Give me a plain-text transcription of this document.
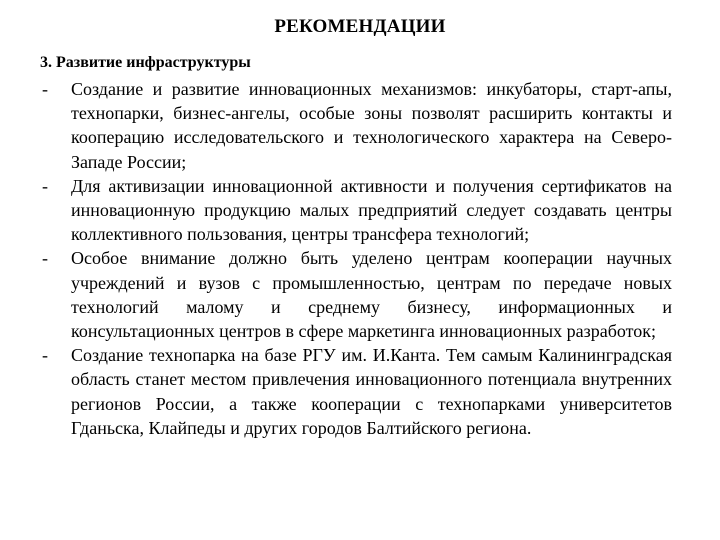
РЕКОМЕНДАЦИИ
3. Развитие инфраструктуры
- Создание и развитие инновационных механизмов: инкубаторы, старт-апы, технопарки, бизнес-ангелы, особые зоны позволят расширить контакты и кооперацию исследовательского и технологического характера на Северо-Западе России;
- Для активизации инновационной активности и получения сертификатов на инновационную продукцию малых предприятий следует создавать центры коллективного пользования, центры трансфера технологий;
- Особое внимание должно быть уделено центрам кооперации научных учреждений и вузов с промышленностью, центрам по передаче новых технологий малому и среднему бизнесу, информационных и консультационных центров в сфере маркетинга инновационных разработок;
- Создание технопарка на базе РГУ им. И.Канта. Тем самым Калининградская область станет местом привлечения инновационного потенциала внутренних регионов России, а также кооперации с технопарками университетов Гданьска, Клайпеды и других городов Балтийского региона.
